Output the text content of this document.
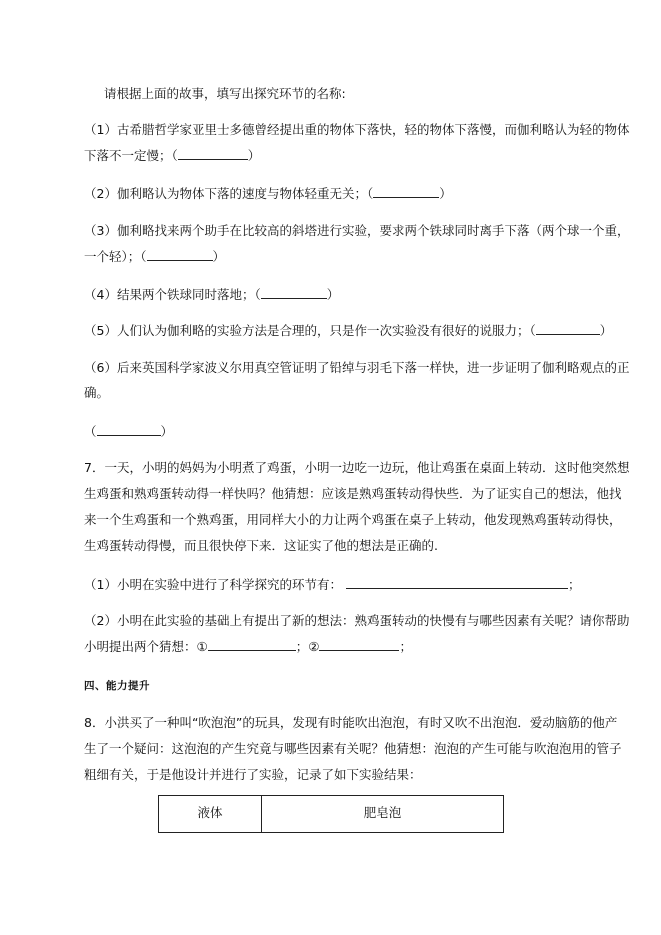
请根据上面的故事，填写出探究环节的名称:
（1）古希腊哲学家亚里士多德曾经提出重的物体下落快，轻的物体下落慢，而伽利略认为轻的物体
下落不一定慢；（	）
（2）伽利略认为物体下落的速度与物体轻重无关；（	）
（3）伽利略找来两个助手在比较高的斜塔进行实验，要求两个铁球同时离手下落（两个球一个重，
一个轻）；（	）
（4）结果两个铁球同时落地；（	）
（5）人们认为伽利略的实验方法是合理的，只是作一次实验没有很好的说服力；（	）
（6）后来英国科学家波义尔用真空管证明了铅绰与羽毛下落一样快，进一步证明了伽利略观点的正
确。
（	）
7．一天，小明的妈妈为小明煮了鸡蛋，小明一边吃一边玩，他让鸡蛋在桌面上转动．这时他突然想
生鸡蛋和熟鸡蛋转动得一样快吗？他猜想：应该是熟鸡蛋转动得快些．为了证实自己的想法，他找
来一个生鸡蛋和一个熟鸡蛋，用同样大小的力让两个鸡蛋在桌子上转动，他发现熟鸡蛋转动得快，
生鸡蛋转动得慢，而且很快停下来．这证实了他的想法是正确的.
（1）小明在实验中进行了科学探究的环节有：	；
（2）小明在此实验的基础上有提出了新的想法：熟鸡蛋转动的快慢有与哪些因素有关呢？请你帮助
小明提出两个猜想：①	；②	；
四、能力提升
8．小洪买了一种叫“吹泡泡”的玩具，发现有时能吹出泡泡，有时又吹不出泡泡．爱动脑筋的他产
生了一个疑问：这泡泡的产生究竟与哪些因素有关呢？他猜想：泡泡的产生可能与吹泡泡用的管子
粗细有关，于是他设计并进行了实验，记录了如下实验结果：
液体	肥皂泡
